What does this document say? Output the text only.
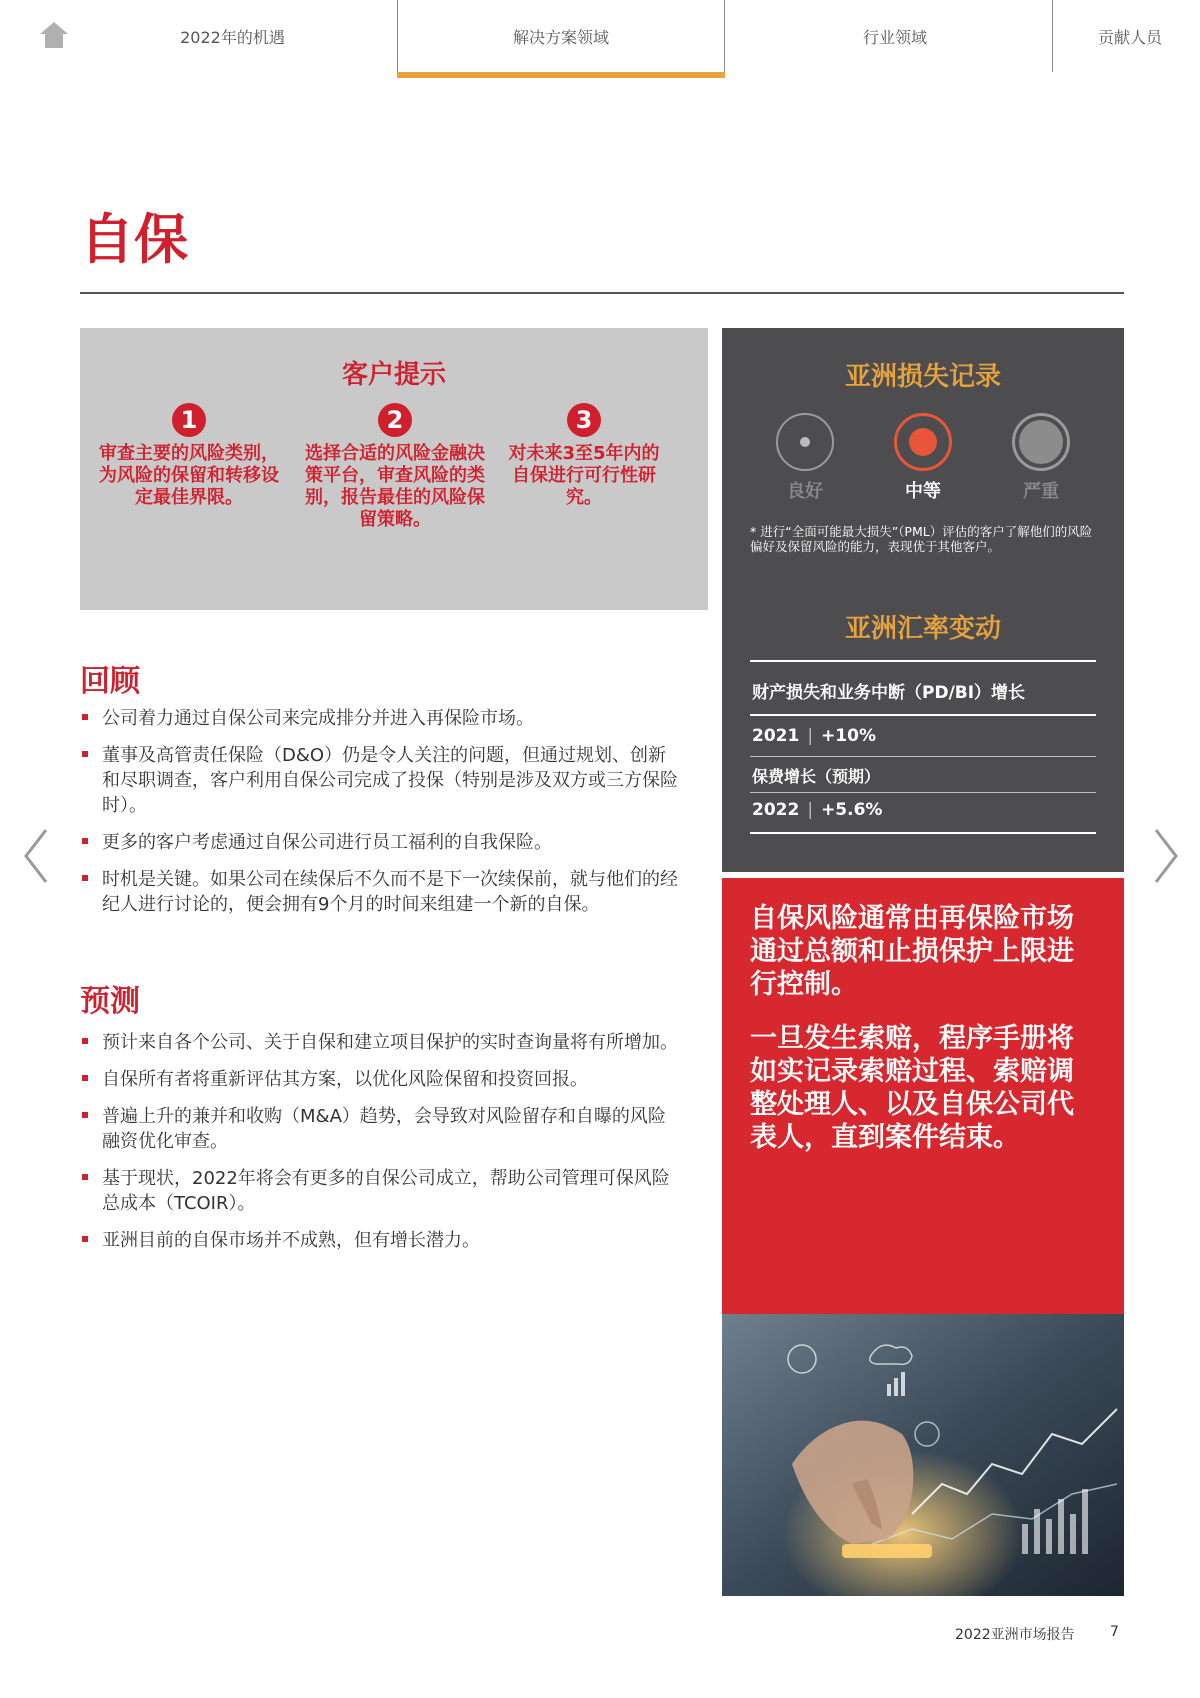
2022年的机遇	解决方案领域	行业领域	贡献人员
自保
客户提示
1
审查主要的风险类别，为风险的保留和转移设定最佳界限。
2
选择合适的风险金融决策平台，审查风险的类别，报告最佳的风险保留策略。
3
对未来3至5年内的自保进行可行性研究。
回顾
公司着力通过自保公司来完成排分并进入再保险市场。
董事及高管责任保险（D&O）仍是令人关注的问题，但通过规划、创新和尽职调查，客户利用自保公司完成了投保（特别是涉及双方或三方保险时）。
更多的客户考虑通过自保公司进行员工福利的自我保险。
时机是关键。如果公司在续保后不久而不是下一次续保前，就与他们的经纪人进行讨论的，便会拥有9个月的时间来组建一个新的自保。
预测
预计来自各个公司、关于自保和建立项目保护的实时查询量将有所增加。
自保所有者将重新评估其方案，以优化风险保留和投资回报。
普遍上升的兼并和收购（M&A）趋势，会导致对风险留存和自曝的风险融资优化审查。
基于现状，2022年将会有更多的自保公司成立，帮助公司管理可保风险总成本（TCOIR）。
亚洲目前的自保市场并不成熟，但有增长潜力。
亚洲损失记录
良好	中等	严重
* 进行“全面可能最大损失”（PML）评估的客户了解他们的风险偏好及保留风险的能力，表现优于其他客户。
亚洲汇率变动
财产损失和业务中断（PD/BI）增长
2021 | +10%
保费增长（预期）
2022 | +5.6%

自保风险通常由再保险市场通过总额和止损保护上限进行控制。

一旦发生索赔，程序手册将如实记录索赔过程、索赔调整处理人、以及自保公司代表人，直到案件结束。

2022亚洲市场报告	7
